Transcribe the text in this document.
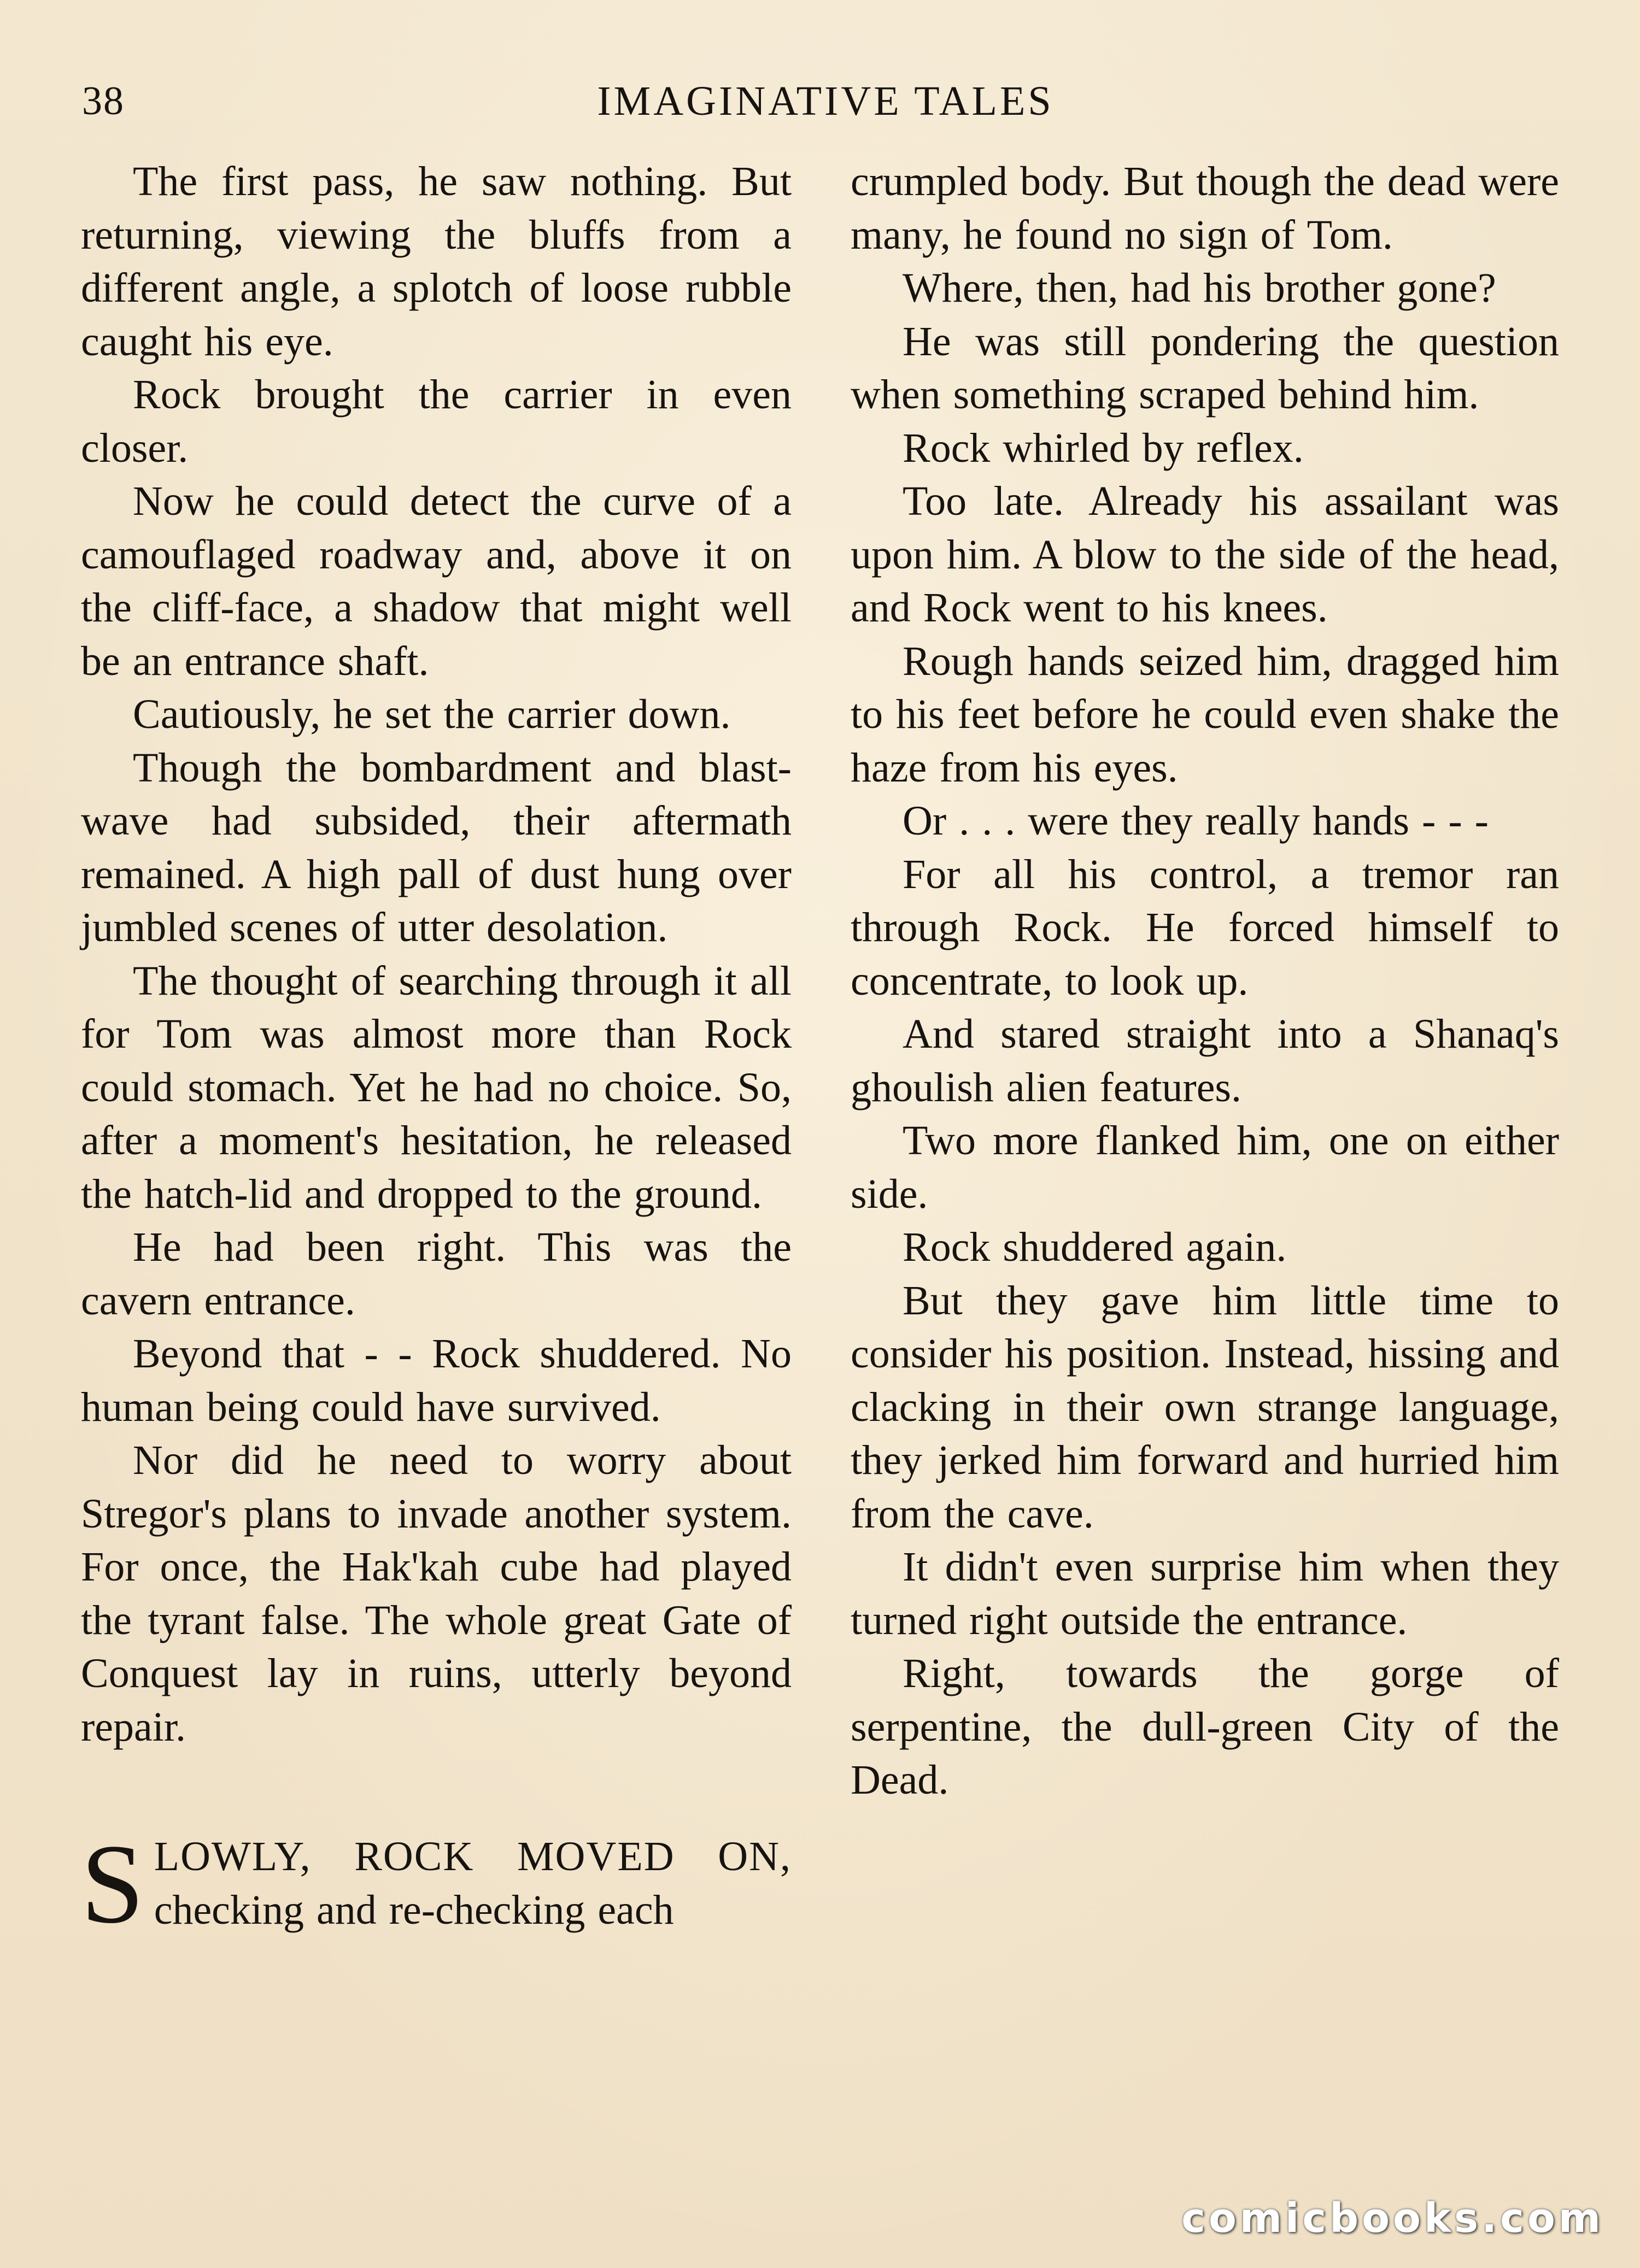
38	IMAGINATIVE TALES

The first pass, he saw nothing. But returning, viewing the bluffs from a different angle, a splotch of loose rubble caught his eye.

Rock brought the carrier in even closer.

Now he could detect the curve of a camouflaged roadway and, above it on the cliff-face, a shadow that might well be an entrance shaft.

Cautiously, he set the carrier down.

Though the bombardment and blast-wave had subsided, their aftermath remained. A high pall of dust hung over jumbled scenes of utter desolation.

The thought of searching through it all for Tom was almost more than Rock could stomach. Yet he had no choice. So, after a moment's hesitation, he released the hatch-lid and dropped to the ground.

He had been right. This was the cavern entrance.

Beyond that - - Rock shuddered. No human being could have survived.

Nor did he need to worry about Stregor's plans to invade another system. For once, the Hak'kah cube had played the tyrant false. The whole great Gate of Conquest lay in ruins, utterly beyond repair.

S LOWLY, ROCK MOVED ON, checking and re-checking each

crumpled body. But though the dead were many, he found no sign of Tom.

Where, then, had his brother gone?

He was still pondering the question when something scraped behind him.

Rock whirled by reflex.

Too late. Already his assailant was upon him. A blow to the side of the head, and Rock went to his knees.

Rough hands seized him, dragged him to his feet before he could even shake the haze from his eyes.

Or . . . were they really hands - - -

For all his control, a tremor ran through Rock. He forced himself to concentrate, to look up.

And stared straight into a Shanaq's ghoulish alien features.

Two more flanked him, one on either side.

Rock shuddered again.

But they gave him little time to consider his position. Instead, hissing and clacking in their own strange language, they jerked him forward and hurried him from the cave.

It didn't even surprise him when they turned right outside the entrance.

Right, towards the gorge of serpentine, the dull-green City of the Dead.

comicbooks.com
